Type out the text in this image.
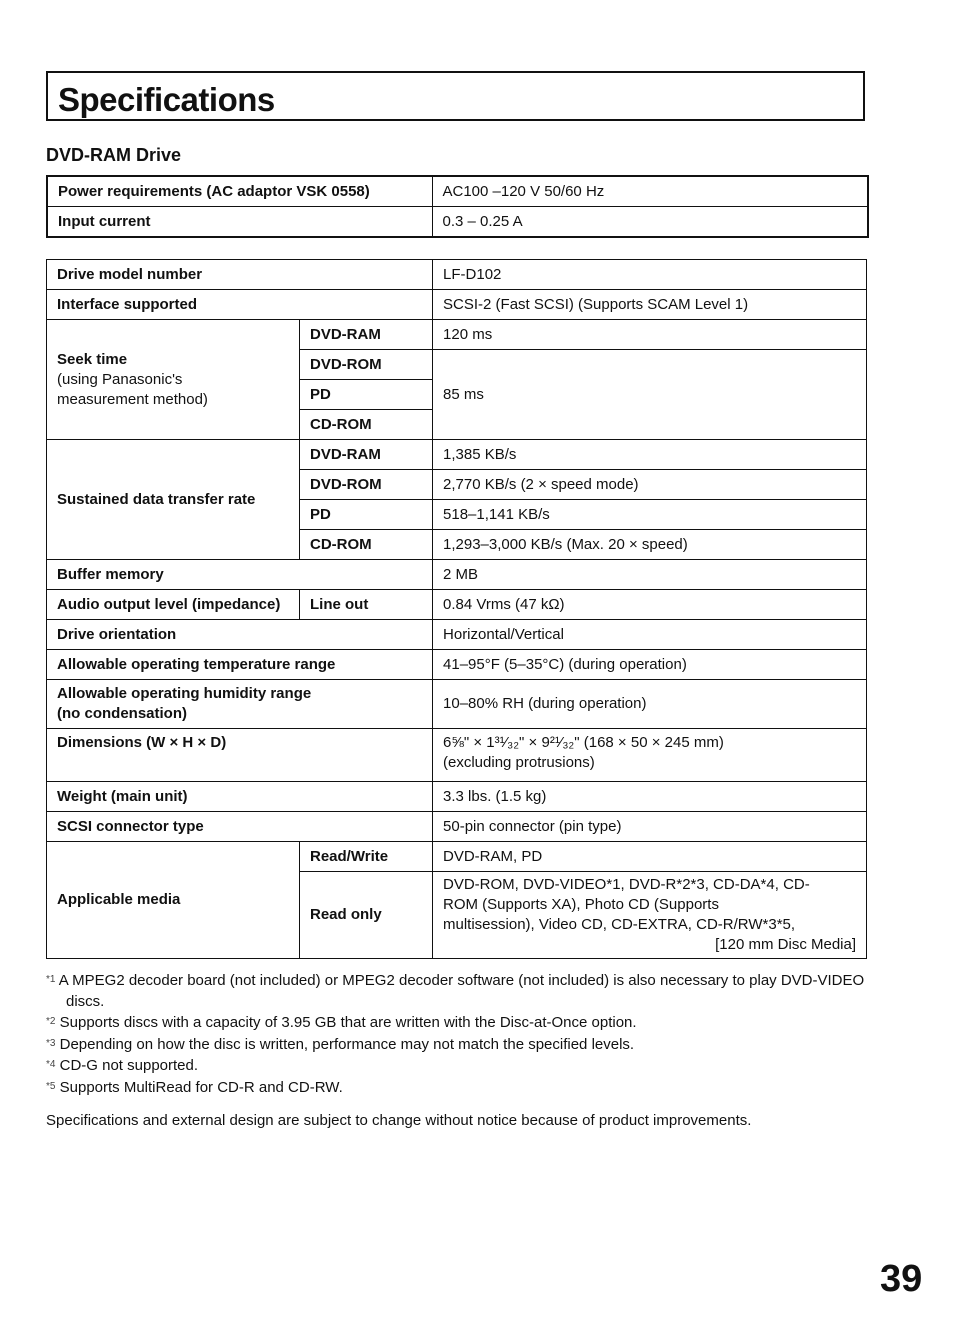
Specifications
DVD-RAM Drive
Power requirements (AC adaptor VSK 0558)	AC100 –120 V 50/60 Hz
Input current	0.3 – 0.25 A
Drive model number		LF-D102
Interface supported		SCSI-2 (Fast SCSI) (Supports SCAM Level 1)

Seek time
(using Panasonic's
measurement method)	DVD-RAM	120 ms
	DVD-ROM	85 ms
	PD	
	CD-ROM	
Sustained data transfer rate	DVD-RAM	1,385 KB/s
	DVD-ROM	2,770 KB/s (2 × speed mode)
	PD	518–1,141 KB/s
	CD-ROM	1,293–3,000 KB/s (Max. 20 × speed)
Buffer memory		2 MB
Audio output level (impedance)	Line out	0.84 Vrms (47 kΩ)
Drive orientation		Horizontal/Vertical
Allowable operating temperature range		41–95°F (5–35°C) (during operation)

Allowable operating humidity range
(no condensation)		10–80% RH (during operation)
Dimensions (W × H × D)		6⅝" × 1³¹⁄₃₂" × 9²¹⁄₃₂" (168 × 50 × 245 mm)
(excluding protrusions)

Weight (main unit)		3.3 lbs. (1.5 kg)
SCSI connector type		50-pin connector (pin type)
Applicable media	Read/Write	DVD-RAM, PD
	Read only	DVD-ROM, DVD-VIDEO*1, DVD-R*2*3, CD-DA*4, CD-
ROM (Supports XA), Photo CD (Supports
multisession), Video CD, CD-EXTRA, CD-R/RW*3*5,
[120 mm Disc Media]
$^{*1}$ A MPEG2 decoder board (not included) or MPEG2 decoder software (not included) is also necessary to play DVD-VIDEO discs.
$^{*2}$ Supports discs with a capacity of 3.95 GB that are written with the Disc-at-Once option.
$^{*3}$ Depending on how the disc is written, performance may not match the specified levels.
$^{*4}$ CD-G not supported.
$^{*5}$ Supports MultiRead for CD-R and CD-RW.
Specifications and external design are subject to change without notice because of product improvements.
39
